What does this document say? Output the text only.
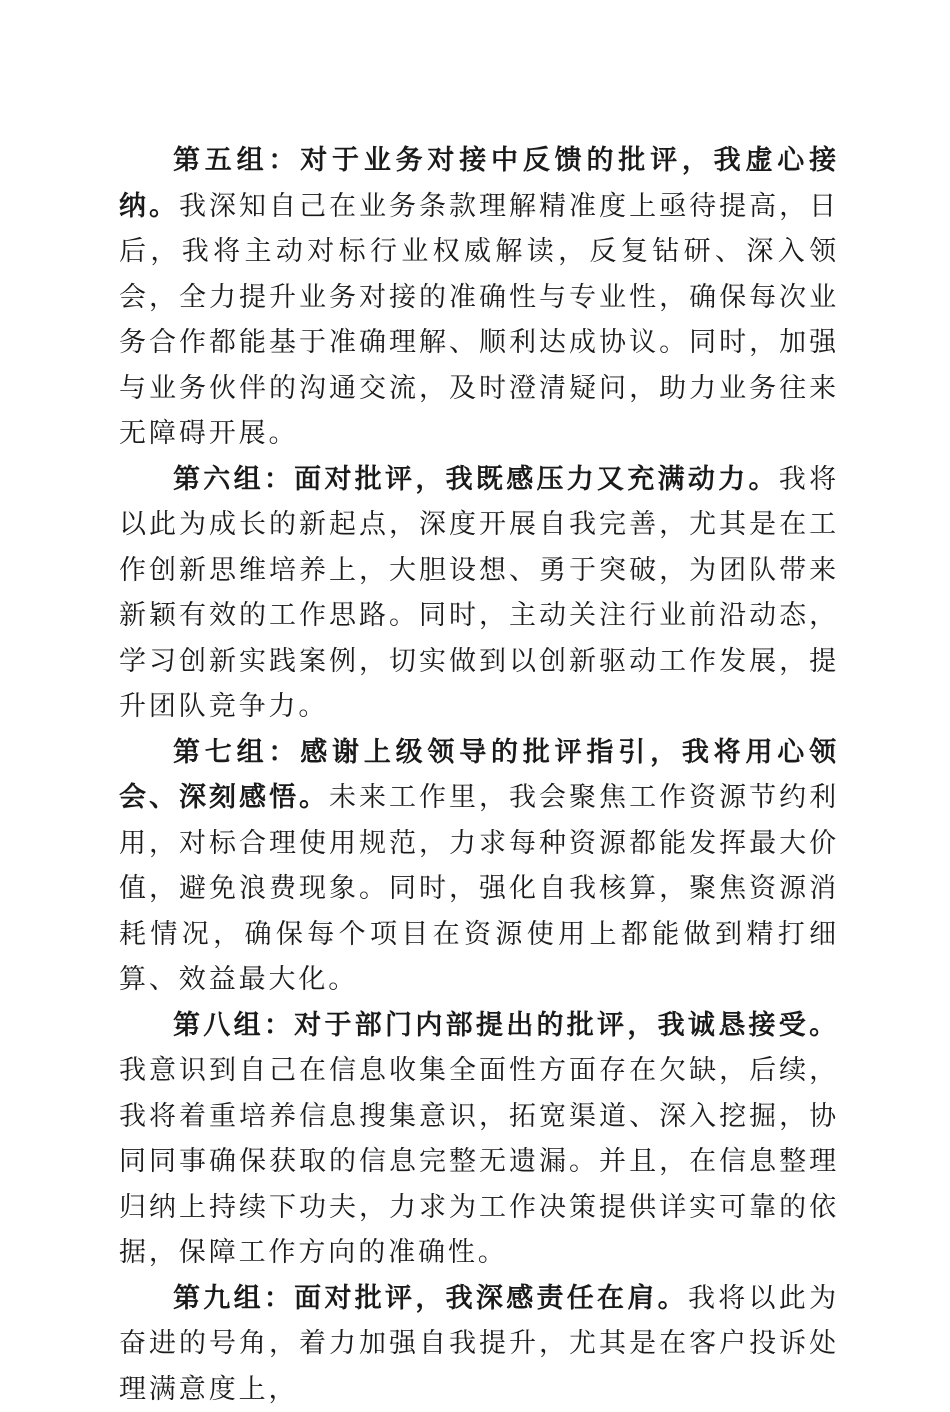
第五组：对于业务对接中反馈的批评，我虚心接纳。我深知自己在业务条款理解精准度上亟待提高，日后，我将主动对标行业权威解读，反复钻研、深入领会，全力提升业务对接的准确性与专业性，确保每次业务合作都能基于准确理解、顺利达成协议。同时，加强与业务伙伴的沟通交流，及时澄清疑问，助力业务往来无障碍开展。

第六组：面对批评，我既感压力又充满动力。我将以此为成长的新起点，深度开展自我完善，尤其是在工作创新思维培养上，大胆设想、勇于突破，为团队带来新颖有效的工作思路。同时，主动关注行业前沿动态，学习创新实践案例，切实做到以创新驱动工作发展，提升团队竞争力。

第七组：感谢上级领导的批评指引，我将用心领会、深刻感悟。未来工作里，我会聚焦工作资源节约利用，对标合理使用规范，力求每种资源都能发挥最大价值，避免浪费现象。同时，强化自我核算，聚焦资源消耗情况，确保每个项目在资源使用上都能做到精打细算、效益最大化。

第八组：对于部门内部提出的批评，我诚恳接受。我意识到自己在信息收集全面性方面存在欠缺，后续，我将着重培养信息搜集意识，拓宽渠道、深入挖掘，协同同事确保获取的信息完整无遗漏。并且，在信息整理归纳上持续下功夫，力求为工作决策提供详实可靠的依据，保障工作方向的准确性。

第九组：面对批评，我深感责任在肩。我将以此为奋进的号角，着力加强自我提升，尤其是在客户投诉处理满意度上，
